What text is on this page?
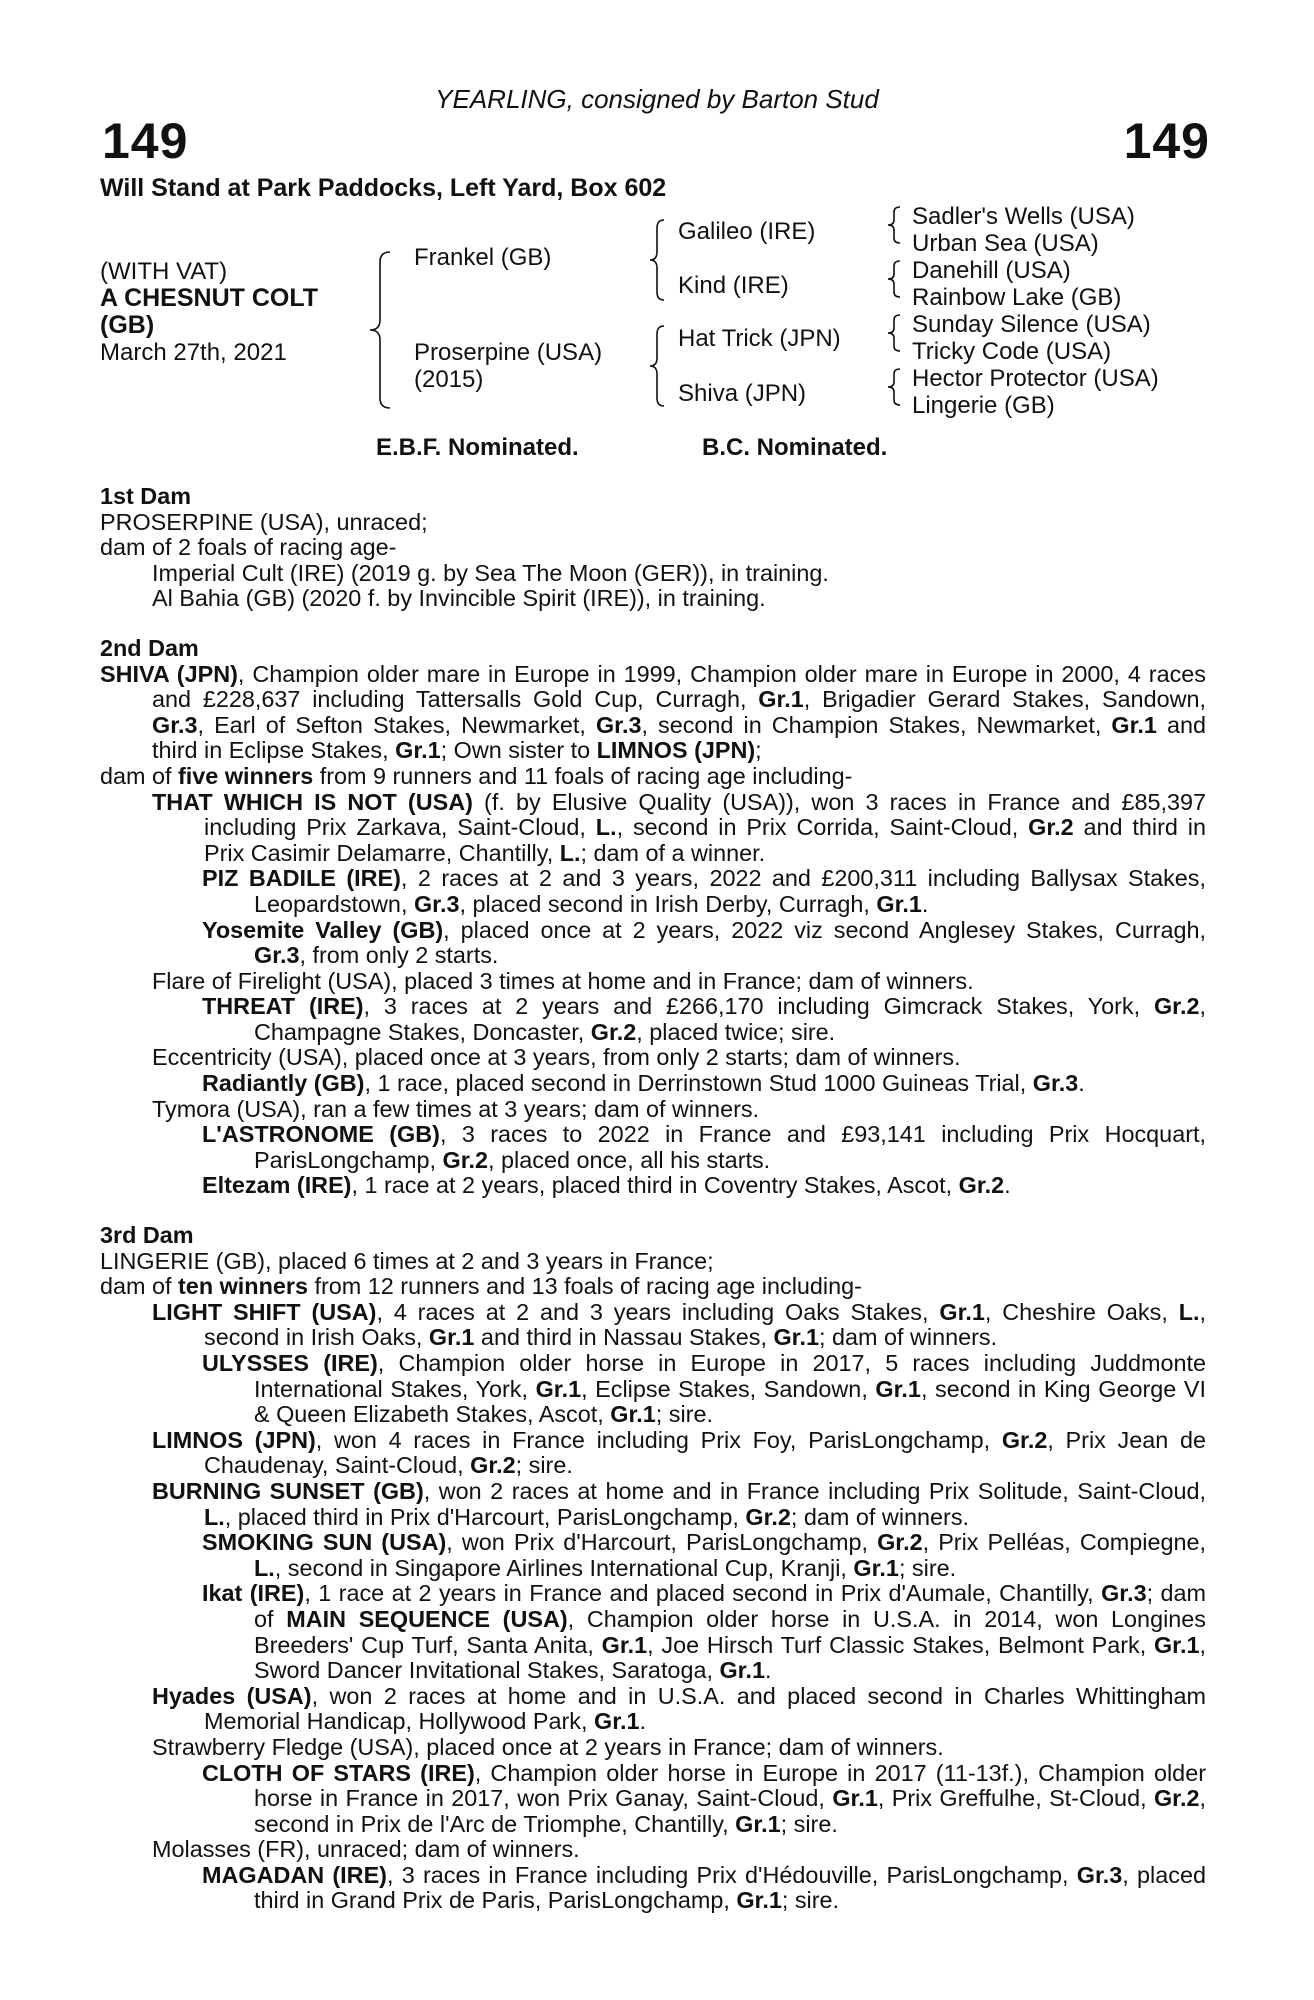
YEARLING, consigned by Barton Stud
149	149
Will Stand at Park Paddocks, Left Yard, Box 602
(WITH VAT)
A CHESNUT COLT
(GB)
March 27th, 2021
Frankel (GB)
Proserpine (USA)
(2015)
Galileo (IRE)
Kind (IRE)
Hat Trick (JPN)
Shiva (JPN)
Sadler's Wells (USA)
Urban Sea (USA)
Danehill (USA)
Rainbow Lake (GB)
Sunday Silence (USA)
Tricky Code (USA)
Hector Protector (USA)
Lingerie (GB)
E.B.F. Nominated.	B.C. Nominated.
1st Dam
PROSERPINE (USA), unraced;
dam of 2 foals of racing age-
Imperial Cult (IRE) (2019 g. by Sea The Moon (GER)), in training.
Al Bahia (GB) (2020 f. by Invincible Spirit (IRE)), in training.
2nd Dam
SHIVA (JPN), Champion older mare in Europe in 1999, Champion older mare in Europe in 2000, 4 races and £228,637 including Tattersalls Gold Cup, Curragh, Gr.1, Brigadier Gerard Stakes, Sandown, Gr.3, Earl of Sefton Stakes, Newmarket, Gr.3, second in Champion Stakes, Newmarket, Gr.1 and third in Eclipse Stakes, Gr.1; Own sister to LIMNOS (JPN);
dam of five winners from 9 runners and 11 foals of racing age including-
THAT WHICH IS NOT (USA) (f. by Elusive Quality (USA)), won 3 races in France and £85,397 including Prix Zarkava, Saint-Cloud, L., second in Prix Corrida, Saint-Cloud, Gr.2 and third in Prix Casimir Delamarre, Chantilly, L.; dam of a winner.
PIZ BADILE (IRE), 2 races at 2 and 3 years, 2022 and £200,311 including Ballysax Stakes, Leopardstown, Gr.3, placed second in Irish Derby, Curragh, Gr.1.
Yosemite Valley (GB), placed once at 2 years, 2022 viz second Anglesey Stakes, Curragh, Gr.3, from only 2 starts.
Flare of Firelight (USA), placed 3 times at home and in France; dam of winners.
THREAT (IRE), 3 races at 2 years and £266,170 including Gimcrack Stakes, York, Gr.2, Champagne Stakes, Doncaster, Gr.2, placed twice; sire.
Eccentricity (USA), placed once at 3 years, from only 2 starts; dam of winners.
Radiantly (GB), 1 race, placed second in Derrinstown Stud 1000 Guineas Trial, Gr.3.
Tymora (USA), ran a few times at 3 years; dam of winners.
L'ASTRONOME (GB), 3 races to 2022 in France and £93,141 including Prix Hocquart, ParisLongchamp, Gr.2, placed once, all his starts.
Eltezam (IRE), 1 race at 2 years, placed third in Coventry Stakes, Ascot, Gr.2.
3rd Dam
LINGERIE (GB), placed 6 times at 2 and 3 years in France;
dam of ten winners from 12 runners and 13 foals of racing age including-
LIGHT SHIFT (USA), 4 races at 2 and 3 years including Oaks Stakes, Gr.1, Cheshire Oaks, L., second in Irish Oaks, Gr.1 and third in Nassau Stakes, Gr.1; dam of winners.
ULYSSES (IRE), Champion older horse in Europe in 2017, 5 races including Juddmonte International Stakes, York, Gr.1, Eclipse Stakes, Sandown, Gr.1, second in King George VI & Queen Elizabeth Stakes, Ascot, Gr.1; sire.
LIMNOS (JPN), won 4 races in France including Prix Foy, ParisLongchamp, Gr.2, Prix Jean de Chaudenay, Saint-Cloud, Gr.2; sire.
BURNING SUNSET (GB), won 2 races at home and in France including Prix Solitude, Saint-Cloud, L., placed third in Prix d'Harcourt, ParisLongchamp, Gr.2; dam of winners.
SMOKING SUN (USA), won Prix d'Harcourt, ParisLongchamp, Gr.2, Prix Pelléas, Compiegne, L., second in Singapore Airlines International Cup, Kranji, Gr.1; sire.
Ikat (IRE), 1 race at 2 years in France and placed second in Prix d'Aumale, Chantilly, Gr.3; dam of MAIN SEQUENCE (USA), Champion older horse in U.S.A. in 2014, won Longines Breeders' Cup Turf, Santa Anita, Gr.1, Joe Hirsch Turf Classic Stakes, Belmont Park, Gr.1, Sword Dancer Invitational Stakes, Saratoga, Gr.1.
Hyades (USA), won 2 races at home and in U.S.A. and placed second in Charles Whittingham Memorial Handicap, Hollywood Park, Gr.1.
Strawberry Fledge (USA), placed once at 2 years in France; dam of winners.
CLOTH OF STARS (IRE), Champion older horse in Europe in 2017 (11-13f.), Champion older horse in France in 2017, won Prix Ganay, Saint-Cloud, Gr.1, Prix Greffulhe, St-Cloud, Gr.2, second in Prix de l'Arc de Triomphe, Chantilly, Gr.1; sire.
Molasses (FR), unraced; dam of winners.
MAGADAN (IRE), 3 races in France including Prix d'Hédouville, ParisLongchamp, Gr.3, placed third in Grand Prix de Paris, ParisLongchamp, Gr.1; sire.
